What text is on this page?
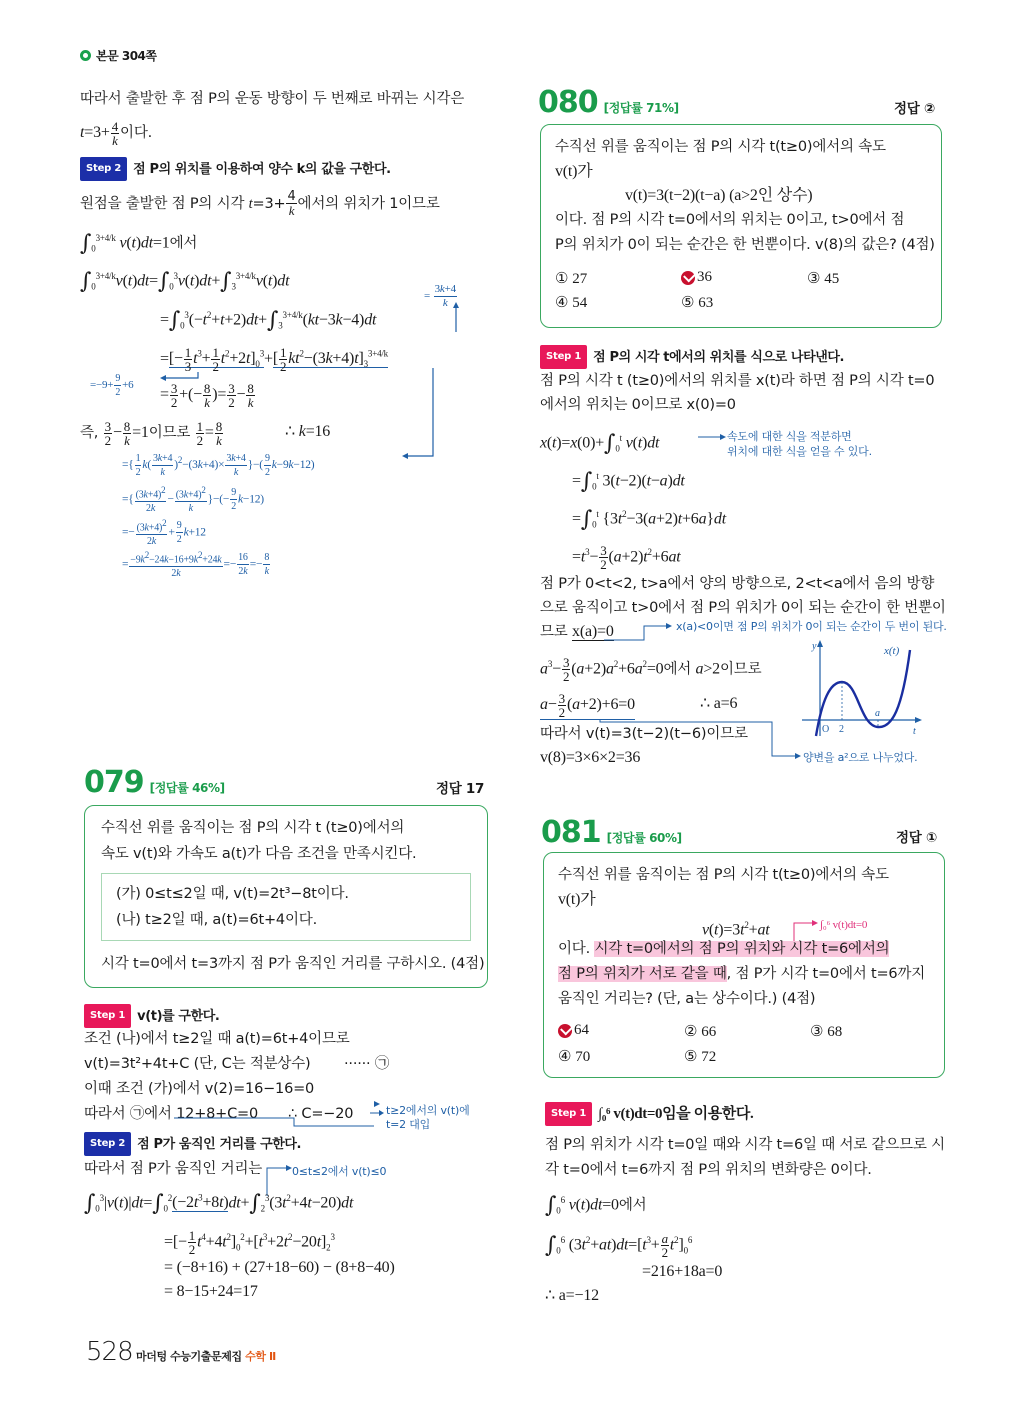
본문 304쪽
따라서 출발한 후 점 P의 운동 방향이 두 번째로 바뀌는 시각은
$t=3+ \frac{4}{k}$ 이다.
Step 2 점 P의 위치를 이용하여 양수 k의 값을 구한다.
원점을 출발한 점 P의 시각 $t=3+ \frac{4}{k}$ 에서의 위치가 1이므로
$\int_0^{3+4/k}$ v(t)dt=1에서
$\int_0^{3+4/k}v(t)dt=\int_0^3v(t)dt+\int_3^{3+4/k}v(t)dt$
= $\frac{3k+4}{k}$
$=\int_0^3(-t^2+t+2)dt+\int_3^{3+4/k}(kt-3k-4)dt$
=[− $\frac{1}{3} t^3+ \frac{1}{2} t^2+2t]_0^3+[ \frac{1}{2} kt^2-(3k+4)t]_3^{3+4/k}$
$=-9+ \frac{9}{2} +6$
= $\frac{3}{2}$ +(− $\frac{8}{k}$ )= $\frac{3}{2} - \frac{8}{k}$
즉, $\frac{3}{2} - \frac{8}{k} =1$이므로 $\frac{1}{2} = \frac{8}{k}$	∴ k=16
={ $\frac{1}{2} k( \frac{3k+4}{k} )^2-(3k+4)\times \frac{3k+4}{k}$ }−( $\frac{9}{2} k-9k-12$)
={ $\frac{(3k+4)2}{2k} - \frac{(3k+4)2}{k}$ }−(− $\frac{9}{2} k-12$)
=− $\frac{(3k+4)2}{2k} + \frac{9}{2} k+12$
= $\frac{-9k2-24k-16+9k2+24k}{2k} =- \frac{16}{2k} =- \frac{8}{k}$
079 [정답률 46%]	정답 17
수직선 위를 움직이는 점 P의 시각 t (t≥0)에서의
속도 v(t)와 가속도 a(t)가 다음 조건을 만족시킨다.
(가) 0≤t≤2일 때, v(t)=2t³−8t이다.
(나) t≥2일 때, a(t)=6t+4이다.
시각 t=0에서 t=3까지 점 P가 움직인 거리를 구하시오. (4점)
Step 1 v(t)를 구한다.
조건 (나)에서 t≥2일 때 a(t)=6t+4이므로
v(t)=3t²+4t+C (단, C는 적분상수) ······ ㉠
이때 조건 (가)에서 v(2)=16−16=0
따라서 ㉠에서 12+8+C=0 ∴ C=−20	t≥2에서의 v(t)에
t=2 대입
Step 2 점 P가 움직인 거리를 구한다.
따라서 점 P가 움직인 거리는	0≤t≤2에서 v(t)≤0
$\int_0^3|v(t)|dt=\int_0^2(-2t^3+8t)dt+\int_2^3(3t^2+4t-20)dt$
=[− $\frac{1}{2} t^4+4t^2]_0^2+[t^3+2t^2-20t]_2^3$
= (−8+16) + (27+18−60) − (8+8−40)
= 8−15+24=17
080 [정답률 71%]	정답 ②
수직선 위를 움직이는 점 P의 시각 t(t≥0)에서의 속도
v(t)가
v(t)=3(t−2)(t−a) (a>2인 상수)
이다. 점 P의 시각 t=0에서의 위치는 0이고, t>0에서 점
P의 위치가 0이 되는 순간은 한 번뿐이다. v(8)의 값은? (4점)
① 27	36	③ 45
④ 54	⑤ 63
Step 1 점 P의 시각 t에서의 위치를 식으로 나타낸다.
점 P의 시각 t (t≥0)에서의 위치를 x(t)라 하면 점 P의 시각 t=0
에서의 위치는 0이므로 x(0)=0
$x(t)=x(0)+\int_0^t$ v(t)dt	속도에 대한 식을 적분하면
위치에 대한 식을 얻을 수 있다.
$=\int_0^t$ 3(t−2)(t−a)dt
$=\int_0^t$ $\{3t^2-3(a+2)t+6a\}dt$
$=t^3- \frac{3}{2} (a+2)t^2+6at$
점 P가 0<t<2, t>a에서 양의 방향으로, 2<t<a에서 음의 방향
으로 움직이고 t>0에서 점 P의 위치가 0이 되는 순간이 한 번뿐이
므로 x(a)=0	x(a)<0이면 점 P의 위치가 0이 되는 순간이 두 번이 된다.
$a^3- \frac{3}{2} (a+2)a^2+6a^2=0$에서 a>2이므로
$a- \frac{3}{2} (a+2)+6=0$	∴ a=6
따라서 v(t)=3(t−2)(t−6)이므로
v(8)=3×6×2=36	양변을 a²으로 나누었다.
y	x(t)
t
O 2
a
081 [정답률 60%]	정답 ①
수직선 위를 움직이는 점 P의 시각 t(t≥0)에서의 속도
v(t)가
$v(t)=3t^2+at$	∫₀⁶ v(t)dt=0
이다. 시각 t=0에서의 점 P의 위치와 시각 t=6에서의
점 P의 위치가 서로 같을 때, 점 P가 시각 t=0에서 t=6까지
움직인 거리는? (단, a는 상수이다.) (4점)
64	② 66	③ 68
④ 70	⑤ 72
Step 1 ∫₀⁶ v(t)dt=0임을 이용한다.
점 P의 위치가 시각 t=0일 때와 시각 t=6일 때 서로 같으므로 시
각 t=0에서 t=6까지 점 P의 위치의 변화량은 0이다.
$\int_0^6$ v(t)dt=0에서
$\int_0^6$ $(3t^2+at)dt=[t^3+ \frac{a}{2} t^2]_0^6$
=216+18a=0
∴ a=−12
528 마더텅 수능기출문제집 수학 Ⅱ
